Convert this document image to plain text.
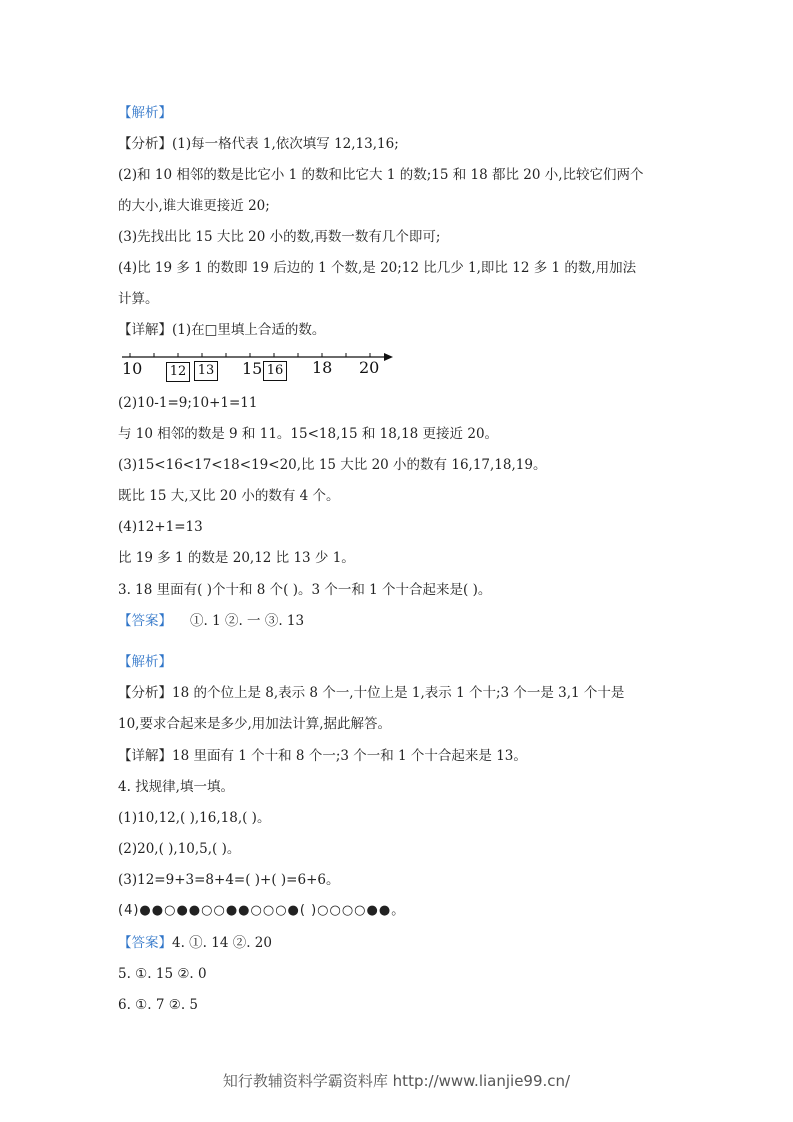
【解析】
【分析】(1)每一格代表 1,依次填写 12,13,16;
(2)和 10 相邻的数是比它小 1 的数和比它大 1 的数;15 和 18 都比 20 小,比较它们两个
的大小,谁大谁更接近 20;
(3)先找出比 15 大比 20 小的数,再数一数有几个即可;
(4)比 19 多 1 的数即 19 后边的 1 个数,是 20;12 比几少 1,即比 12 多 1 的数,用加法
计算。
【详解】(1)在□里填上合适的数。
10 12 13 15 16 18 20
(2)10-1=9;10+1=11
与 10 相邻的数是 9 和 11。15<18,15 和 18,18 更接近 20。
(3)15<16<17<18<19<20,比 15 大比 20 小的数有 16,17,18,19。
既比 15 大,又比 20 小的数有 4 个。
(4)12+1=13
比 19 多 1 的数是 20,12 比 13 少 1。
3. 18 里面有( )个十和 8 个( )。3 个一和 1 个十合起来是( )。
【答案】 ①. 1 ②. 一 ③. 13
【解析】
【分析】18 的个位上是 8,表示 8 个一,十位上是 1,表示 1 个十;3 个一是 3,1 个十是
10,要求合起来是多少,用加法计算,据此解答。
【详解】18 里面有 1 个十和 8 个一;3 个一和 1 个十合起来是 13。
4. 找规律,填一填。
(1)10,12,( ),16,18,( )。
(2)20,( ),10,5,( )。
(3)12=9+3=8+4=( )+( )=6+6。
(4)●●○●●○○●●○○○●( )○○○○●●。
【答案】4. ①. 14 ②. 20
5. ①. 15 ②. 0
6. ①. 7 ②. 5
知行教辅资料学霸资料库 http://www.lianjie99.cn/
